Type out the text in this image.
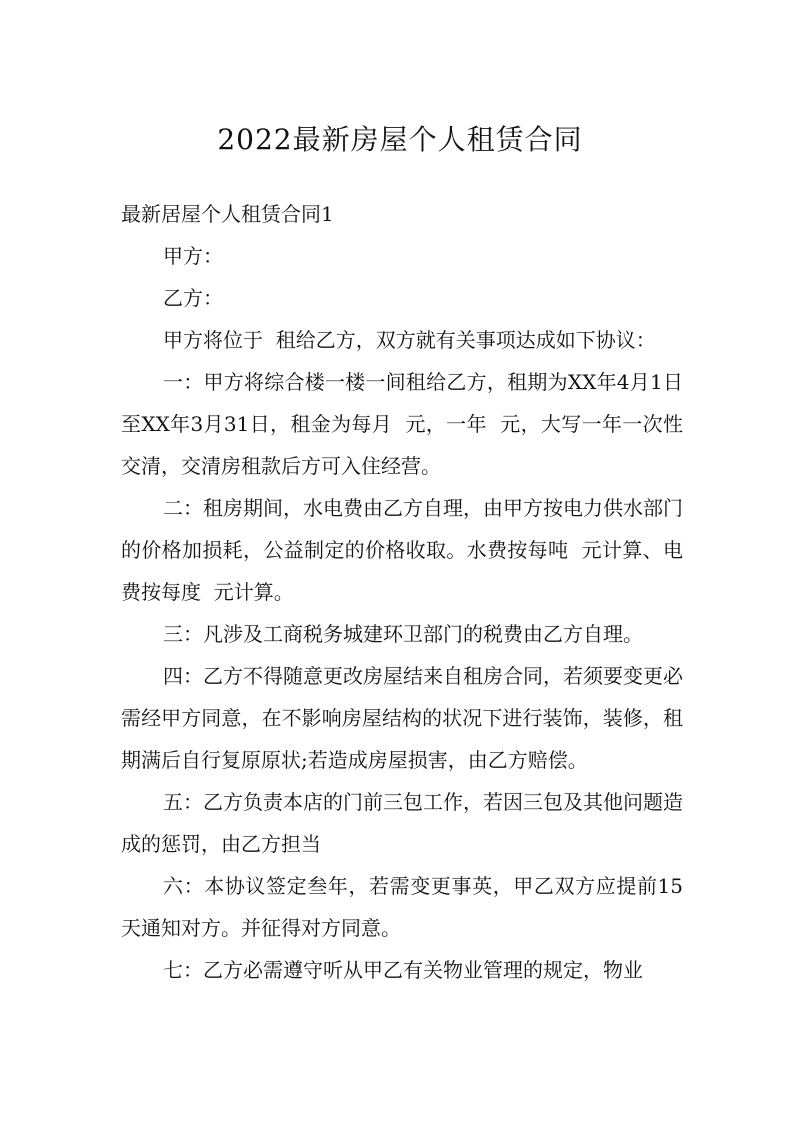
2022最新房屋个人租赁合同

最新居屋个人租赁合同1

甲方：

乙方：

甲方将位于  租给乙方，双方就有关事项达成如下协议：

一：甲方将综合楼一楼一间租给乙方，租期为XX年4月1日至XX年3月31日，租金为每月  元，一年  元，大写一年一次性交清，交清房租款后方可入住经营。

二：租房期间，水电费由乙方自理，由甲方按电力供水部门的价格加损耗，公益制定的价格收取。水费按每吨  元计算、电费按每度  元计算。

三：凡涉及工商税务城建环卫部门的税费由乙方自理。

四：乙方不得随意更改房屋结来自租房合同，若须要变更必需经甲方同意，在不影响房屋结构的状况下进行装饰，装修，租期满后自行复原原状;若造成房屋损害，由乙方赔偿。

五：乙方负责本店的门前三包工作，若因三包及其他问题造成的惩罚，由乙方担当

六：本协议签定叁年，若需变更事英，甲乙双方应提前15天通知对方。并征得对方同意。

七：乙方必需遵守听从甲乙有关物业管理的规定，物业
